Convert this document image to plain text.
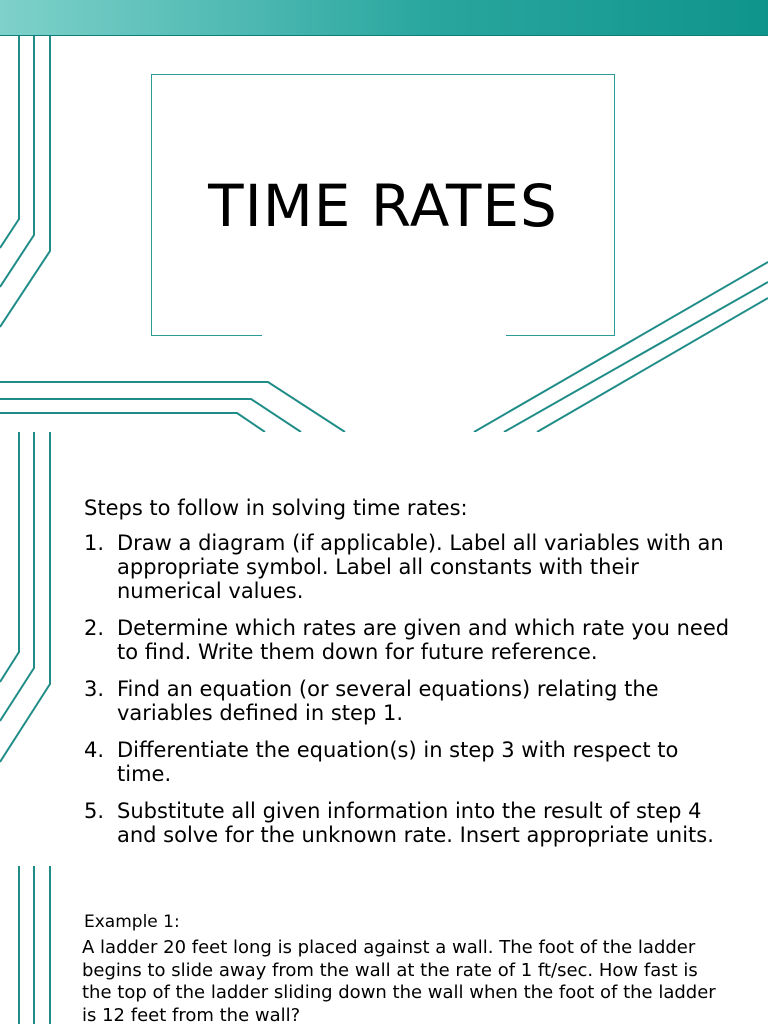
TIME RATES

Steps to follow in solving time rates:

1. Draw a diagram (if applicable). Label all variables with an appropriate symbol. Label all constants with their numerical values.
2. Determine which rates are given and which rate you need to find. Write them down for future reference.
3. Find an equation (or several equations) relating the variables defined in step 1.
4. Differentiate the equation(s) in step 3 with respect to time.
5. Substitute all given information into the result of step 4 and solve for the unknown rate. Insert appropriate units.

Example 1:

A ladder 20 feet long is placed against a wall. The foot of the ladder begins to slide away from the wall at the rate of 1 ft/sec. How fast is the top of the ladder sliding down the wall when the foot of the ladder is 12 feet from the wall?
